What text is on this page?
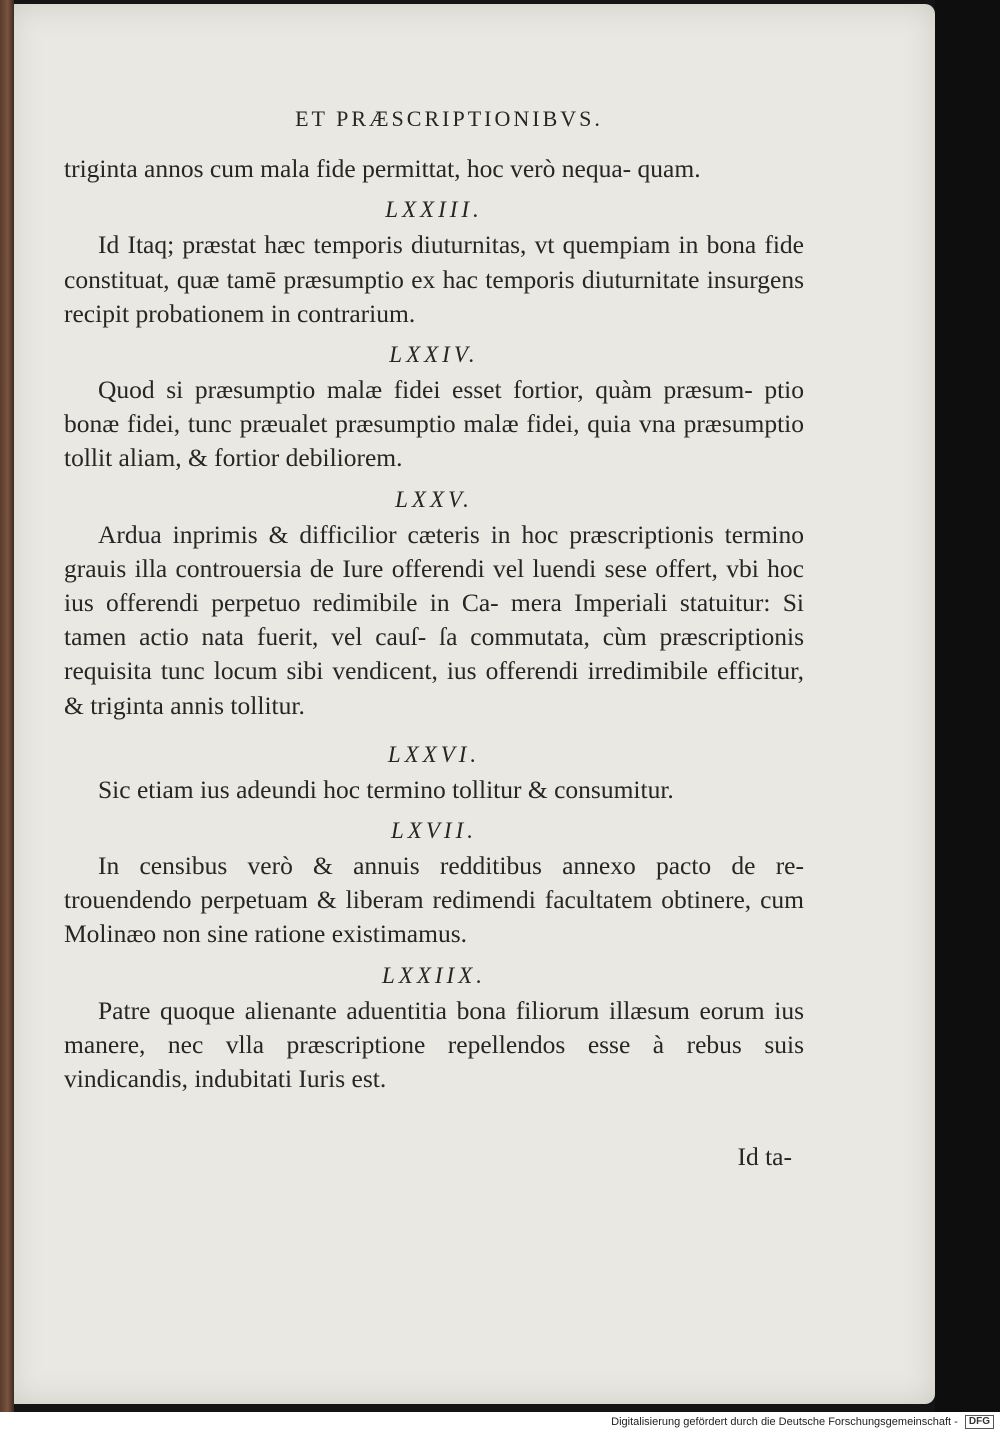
ET PRÆSCRIPTIONIBVS.

triginta annos cum mala fide permittat, hoc verò nequa- quam.

LXXIII.

Id Itaq; præstat hæc temporis diuturnitas, vt quempiam in bona fide constituat, quæ tamē præsumptio ex hac temporis diuturnitate insurgens recipit probationem in contrarium.

LXXIV.

Quod si præsumptio malæ fidei esset fortior, quàm præsum- ptio bonæ fidei, tunc præualet præsumptio malæ fidei, quia vna præsumptio tollit aliam, & fortior debiliorem.

LXXV.

Ardua inprimis & difficilior cæteris in hoc præscriptionis termino grauis illa controuersia de Iure offerendi vel luendi sese offert, vbi hoc ius offerendi perpetuo redimibile in Ca- mera Imperiali statuitur: Si tamen actio nata fuerit, vel cauſ- ſa commutata, cùm præscriptionis requisita tunc locum sibi vendicent, ius offerendi irredimibile efficitur, & triginta annis tollitur.

LXXVI.

Sic etiam ius adeundi hoc termino tollitur & consumitur.

LXVII.

In censibus verò & annuis redditibus annexo pacto de re- trouendendo perpetuam & liberam redimendi facultatem obtinere, cum Molinæo non sine ratione existimamus.

LXXIIX.

Patre quoque alienante aduentitia bona filiorum illæsum eorum ius manere, nec vlla præscriptione repellendos esse à rebus suis vindicandis, indubitati Iuris est.

Id ta-
Digitalisierung gefördert durch die Deutsche Forschungsgemeinschaft - DFG
